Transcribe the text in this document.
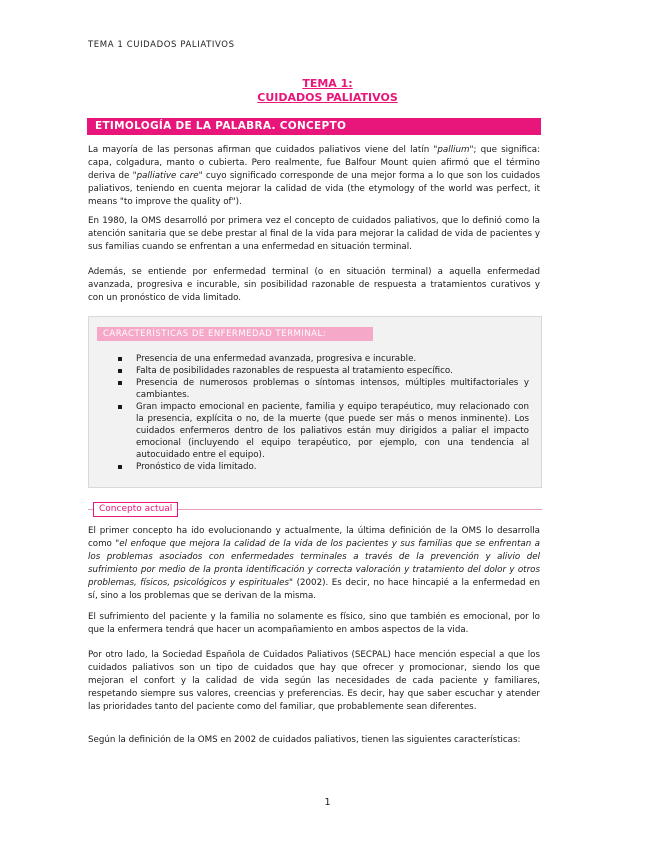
TEMA 1 CUIDADOS PALIATIVOS
TEMA 1:
CUIDADOS PALIATIVOS
ETIMOLOGÍA DE LA PALABRA. CONCEPTO

La mayoría de las personas afirman que cuidados paliativos viene del latín "pallium"; que significa: capa, colgadura, manto o cubierta. Pero realmente, fue Balfour Mount quien afirmó que el término deriva de "palliative care" cuyo significado corresponde de una mejor forma a lo que son los cuidados paliativos, teniendo en cuenta mejorar la calidad de vida (the etymology of the world was perfect, it means "to improve the quality of").

En 1980, la OMS desarrolló por primera vez el concepto de cuidados paliativos, que lo definió como la atención sanitaria que se debe prestar al final de la vida para mejorar la calidad de vida de pacientes y sus familias cuando se enfrentan a una enfermedad en situación terminal.

Además, se entiende por enfermedad terminal (o en situación terminal) a aquella enfermedad avanzada, progresiva e incurable, sin posibilidad razonable de respuesta a tratamientos curativos y con un pronóstico de vida limitado.

CARACTERÍSTICAS DE ENFERMEDAD TERMINAL:
Presencia de una enfermedad avanzada, progresiva e incurable.
Falta de posibilidades razonables de respuesta al tratamiento específico.
Presencia de numerosos problemas o síntomas intensos, múltiples multifactoriales y cambiantes.
Gran impacto emocional en paciente, familia y equipo terapéutico, muy relacionado con la presencia, explícita o no, de la muerte (que puede ser más o menos inminente). Los cuidados enfermeros dentro de los paliativos están muy dirigidos a paliar el impacto emocional (incluyendo el equipo terapéutico, por ejemplo, con una tendencia al autocuidado entre el equipo).
Pronóstico de vida limitado.
Concepto actual

El primer concepto ha ido evolucionando y actualmente, la última definición de la OMS lo desarrolla como "el enfoque que mejora la calidad de la vida de los pacientes y sus familias que se enfrentan a los problemas asociados con enfermedades terminales a través de la prevención y alivio del sufrimiento por medio de la pronta identificación y correcta valoración y tratamiento del dolor y otros problemas, físicos, psicológicos y espirituales" (2002). Es decir, no hace hincapié a la enfermedad en sí, sino a los problemas que se derivan de la misma.

El sufrimiento del paciente y la familia no solamente es físico, sino que también es emocional, por lo que la enfermera tendrá que hacer un acompañamiento en ambos aspectos de la vida.

Por otro lado, la Sociedad Española de Cuidados Paliativos (SECPAL) hace mención especial a que los cuidados paliativos son un tipo de cuidados que hay que ofrecer y promocionar, siendo los que mejoran el confort y la calidad de vida según las necesidades de cada paciente y familiares, respetando siempre sus valores, creencias y preferencias. Es decir, hay que saber escuchar y atender las prioridades tanto del paciente como del familiar, que probablemente sean diferentes.

Según la definición de la OMS en 2002 de cuidados paliativos, tienen las siguientes características:

1
